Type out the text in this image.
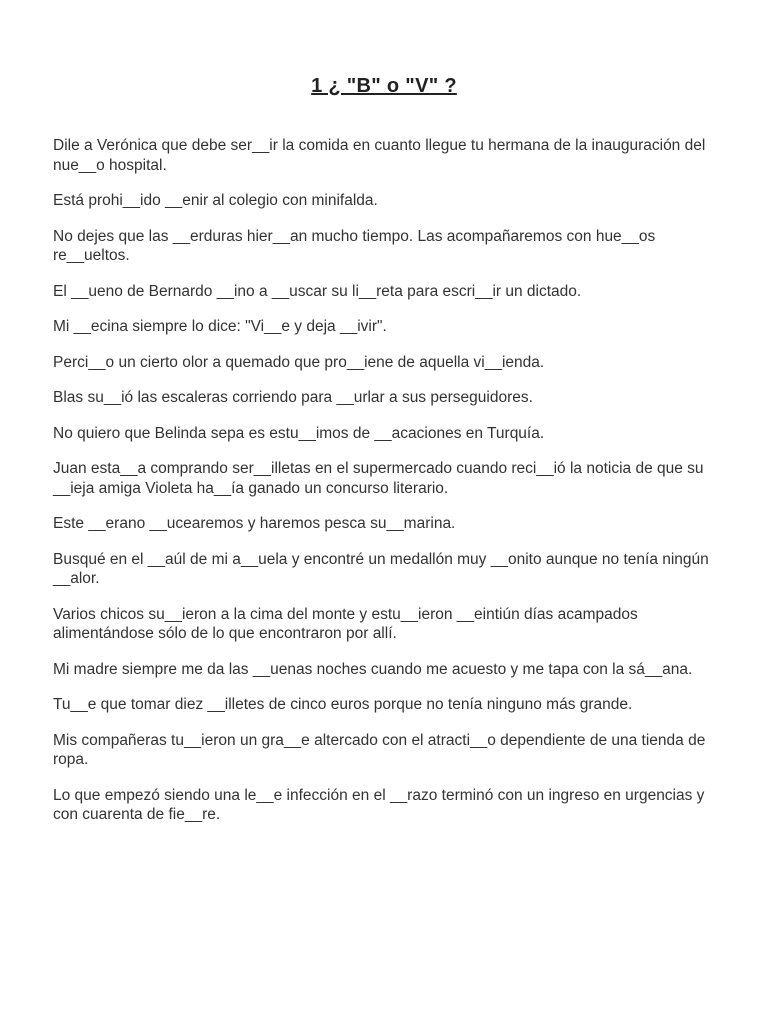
1 ¿ "B" o "V" ?

Dile a Verónica que debe ser__ir la comida en cuanto llegue tu hermana de la inauguración del nue__o hospital.

Está prohi__ido __enir al colegio con minifalda.

No dejes que las __erduras hier__an mucho tiempo. Las acompañaremos con hue__os re__ueltos.

El __ueno de Bernardo __ino a __uscar su li__reta para escri__ir un dictado.

Mi __ecina siempre lo dice: "Vi__e y deja __ivir".

Perci__o un cierto olor a quemado que pro__iene de aquella vi__ienda.

Blas su__ió las escaleras corriendo para __urlar a sus perseguidores.

No quiero que Belinda sepa es estu__imos de __acaciones en Turquía.

Juan esta__a comprando ser__illetas en el supermercado cuando reci__ió la noticia de que su __ieja amiga Violeta ha__ía ganado un concurso literario.

Este __erano __ucearemos y haremos pesca su__marina.

Busqué en el __aúl de mi a__uela y encontré un medallón muy __onito aunque no tenía ningún __alor.

Varios chicos su__ieron a la cima del monte y estu__ieron __eintiún días acampados alimentándose sólo de lo que encontraron por allí.

Mi madre siempre me da las __uenas noches cuando me acuesto y me tapa con la sá__ana.

Tu__e que tomar diez __illetes de cinco euros porque no tenía ninguno más grande.

Mis compañeras tu__ieron un gra__e altercado con el atracti__o dependiente de una tienda de ropa.

Lo que empezó siendo una le__e infección en el __razo terminó con un ingreso en urgencias y con cuarenta de fie__re.
